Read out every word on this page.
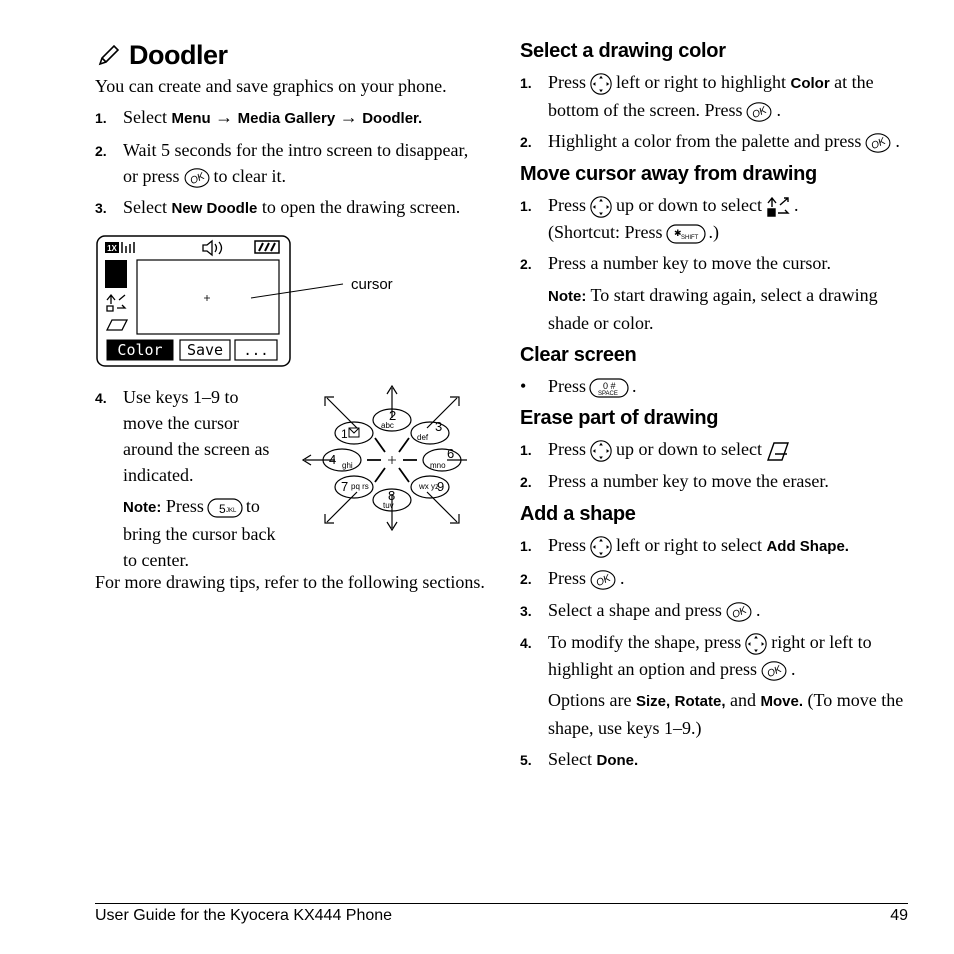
Doodler
You can create and save graphics on your phone.
1. Select Menu → Media Gallery → Doodler.
2. Wait 5 seconds for the intro screen to disappear, or press to clear it.
3. Select New Doodle to open the drawing screen.
1X
Color Save ...
cursor
4. Use keys 1–9 to move the cursor around the screen as indicated.
Note: Press 5 JKL to bring the cursor back to center.
2
abc
1	3
def
4 ghi
6
mno
7 pq rs	9
wx yz
8
tuv
For more drawing tips, refer to the following sections.
Select a drawing color
1. Press left or right to highlight Color at the bottom of the screen. Press .
2. Highlight a color from the palette and press .
Move cursor away from drawing
1. Press up or down to select .
(Shortcut: Press ✱ SHIFT .)
2. Press a number key to move the cursor.
Note: To start drawing again, select a drawing shade or color.
Clear screen
•	Press 0 #
SPACE .
Erase part of drawing
1. Press up or down to select
2. Press a number key to move the eraser.
Add a shape
1. Press left or right to select Add Shape.
2. Press .
3. Select a shape and press .
4. To modify the shape, press right or left to highlight an option and press .
Options are Size, Rotate, and Move. (To move the shape, use keys 1–9.)
5. Select Done.
User Guide for the Kyocera KX444 Phone	49
